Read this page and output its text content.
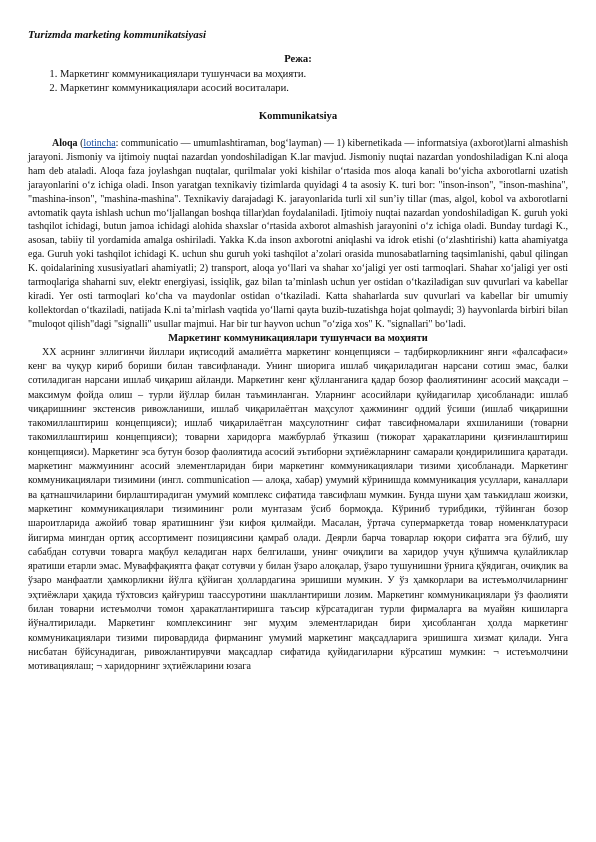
Turizmda marketing kommunikatsiyasi
Режа:
1. Маркетинг коммуникациялари тушунчаси ва моҳияти.
2. Маркетинг коммуникациялари асосий воситалари.
Kommunikatsiya

Aloqa (lotincha: communicatio — umumlashtiraman, bogʻlayman) — 1) kibernetikada — informatsiya (axborot)larni almashish jarayoni. Jismoniy va ijtimoiy nuqtai nazardan yondoshiladigan K.lar mavjud. Jismoniy nuqtai nazardan yondoshiladigan K.ni aloqa ham deb ataladi. Aloqa faza joylashgan nuqtalar, qurilmalar yoki kishilar oʻrtasida mos aloqa kanali boʻyicha axborotlarni uzatish jarayonlarini oʻz ichiga oladi. Inson yaratgan texnikaviy tizimlarda quyidagi 4 ta asosiy K. turi bor: "inson-inson", "inson-mashina", "mashina-inson", "mashina-mashina". Texnikaviy darajadagi K. jarayonlarida turli xil sunʼiy tillar (mas, algol, kobol va axborotlarni avtomatik qayta ishlash uchun moʻljallangan boshqa tillar)dan foydalaniladi. Ijtimoiy nuqtai nazardan yondoshiladigan K. guruh yoki tashqilot ichidagi, butun jamoa ichidagi alohida shaxslar oʻrtasida axborot almashish jarayonini oʻz ichiga oladi. Bunday turdagi K., asosan, tabiiy til yordamida amalga oshiriladi. Yakka K.da inson axborotni aniqlashi va idrok etishi (oʻzlashtirishi) katta ahamiyatga ega. Guruh yoki tashqilot ichidagi K. uchun shu guruh yoki tashqilot aʼzolari orasida munosabatlarning taqsimlanishi, qabul qilingan K. qoidalarining xususiyatlari ahamiyatli; 2) transport, aloqa yoʻllari va shahar xoʻjaligi yer osti tarmoqlari. Shahar xoʻjaligi yer osti tarmoqlariga shaharni suv, elektr energiyasi, issiqlik, gaz bilan taʼminlash uchun yer ostidan oʻtkaziladigan suv quvurlari va kabellar kiradi. Yer osti tarmoqlari koʻcha va maydonlar ostidan oʻtkaziladi. Katta shaharlarda suv quvurlari va kabellar bir umumiy kollektordan oʻtkaziladi, natijada K.ni taʼmirlash vaqtida yoʻllarni qayta buzib-tuzatishga hojat qolmaydi; 3) hayvonlarda birbiri bilan "muloqot qilish"dagi "signalli" usullar majmui. Har bir tur hayvon uchun "oʻziga xos" K. "signallari" boʻladi.

Маркетинг коммуникациялари тушунчаси ва моҳияти

XX асрнинг эллигинчи йиллари иқтисодий амалиётга маркетинг концепцияси – тадбиркорликнинг янги «фалсафаси» кенг ва чуқур кириб бориши билан тавсифланади. Унинг шиорига ишлаб чиқариладиган нарсани сотиш эмас, балки сотиладиган нарсани ишлаб чиқариш айланди. Маркетинг кенг қўлланганига қадар бозор фаолиятининг асосий мақсади – максимум фойда олиш – турли йўллар билан таъминланган. Уларнинг асосийлари қуйидагилар ҳисобланади: ишлаб чиқаришнинг экстенсив ривожланиши, ишлаб чиқарилаётган маҳсулот ҳажмининг оддий ўсиши (ишлаб чиқаришни такомиллаштириш концепцияси); ишлаб чиқарилаётган маҳсулотнинг сифат тавсифномалари яхшиланиши (товарни такомиллаштириш концепцияси); товарни харидорга мажбурлаб ўтказиш (тижорат ҳаракатларини қизғинлаштириш концепцияси). Маркетинг эса бутун бозор фаолиятида асосий эътиборни эҳтиёжларнинг самарали қондирилишига қаратади. маркетинг мажмуининг асосий элементларидан бири маркетинг коммуникациялари тизими ҳисобланади. Маркетинг коммуникациялари тизимини (ингл. communication — алоқа, хабар) умумий кўринишда коммуникация усуллари, каналлари ва қатнашчиларини бирлаштирадиган умумий комплекс сифатида тавсифлаш мумкин. Бунда шуни ҳам таъкидлаш жоизки, маркетинг коммуникациялари тизимининг роли мунтазам ўсиб бормоқда. Кўриниб турибдики, тўйинган бозор шароитларида ажойиб товар яратишнинг ўзи кифоя қилмайди. Масалан, ўртача супермаркетда товар номенклатураси йигирма мингдан ортиқ ассортимент позициясини қамраб олади. Деярли барча товарлар юқори сифатга эга бўлиб, шу сабабдан сотувчи товарга мақбул келадиган нарх белгилаши, унинг очиқлиги ва харидор учун қўшимча қулайликлар яратиши етарли эмас. Муваффақиятга фақат сотувчи у билан ўзаро алоқалар, ўзаро тушунишни ўрнига қўядиган, очиқлик ва ўзаро манфаатли ҳамкорликни йўлга қўйиган ҳоллардагина эришиши мумкин. У ўз ҳамкорлари ва истеъмолчиларнинг эҳтиёжлари ҳақида тўхтовсиз қайғуриш тааccуротини шакллантириши лозим. Маркетинг коммуникациялари ўз фаолияти билан товарни истеъмолчи томон ҳаракатлантиришга таъсир кўрсатадиган турли фирмаларга ва муайян кишиларга йўналтирилади. Маркетинг комплексининг энг муҳим элементларидан бири ҳисобланган ҳолда маркетинг коммуникациялари тизими пировардида фирманинг умумий маркетинг мақсадларига эришишга хизмат қилади. Унга нисбатан бўйсунадиган, ривожлантирувчи мақсадлар сифатида қуйидагиларни кўрсатиш мумкин: ¬ истеъмолчини мотивациялаш; ¬ харидорнинг эҳтиёжларини юзага
